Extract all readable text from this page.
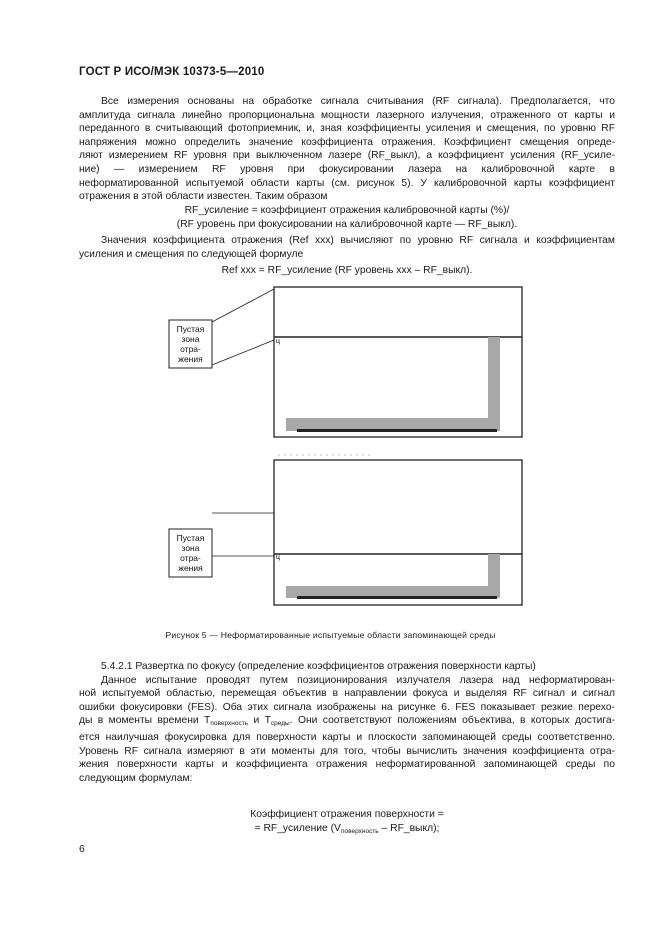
ГОСТ Р ИСО/МЭК 10373-5—2010
Все измерения основаны на обработке сигнала считывания (RF сигнала). Предполагается, что
амплитуда сигнала линейно пропорциональна мощности лазерного излучения, отраженного от карты и
переданного в считывающий фотоприемник, и, зная коэффициенты усиления и смещения, по уровню RF
напряжения можно определить значение коэффициента отражения. Коэффициент смещения опреде-
ляют измерением RF уровня при выключенном лазере (RF_выкл), а коэффициент усиления (RF_усиле-
ние) — измерением RF уровня при фокусировании лазера на калибровочной карте в
неформатированной испытуемой области карты (см. рисунок 5). У калибровочной карты коэффициент
отражения в этой области известен. Таким образом
RF_усиление = коэффициент отражения калибровочной карты (%)/
(RF уровень при фокусировании на калибровочной карте — RF_выкл).
Значения коэффициента отражения (Ref xxx) вычисляют по уровню RF сигнала и коэффициентам
усиления и смещения по следующей формуле
Ref xxx = RF_усиление (RF уровень xxx – RF_выкл).
Пустая
зона
отра-
жения
ц
Пустая
зона
отра-
жения
ц
Рисунок 5 — Неформатированные испытуемые области запоминающей среды
5.4.2.1 Развертка по фокусу (определение коэффициентов отражения поверхности карты)
Данное испытание проводят путем позиционирования излучателя лазера над неформатирован-
ной испытуемой областью, перемещая объектив в направлении фокуса и выделяя RF сигнал и сигнал
ошибки фокусировки (FES). Оба этих сигнала изображены на рисунке 6. FES показывает резкие перехо-
ды в моменты времени $T_{поверхность}$ и $T_{среды}$. Они соответствуют положениям объектива, в которых достига-
ется наилучшая фокусировка для поверхности карты и плоскости запоминающей среды соответственно.
Уровень RF сигнала измеряют в эти моменты для того, чтобы вычислить значения коэффициента отра-
жения поверхности карты и коэффициента отражения неформатированной запоминающей среды по
следующим формулам:
Коэффициент отражения поверхности =
= RF_усиление ($V_{поверхность}$ – RF_выкл);
6
